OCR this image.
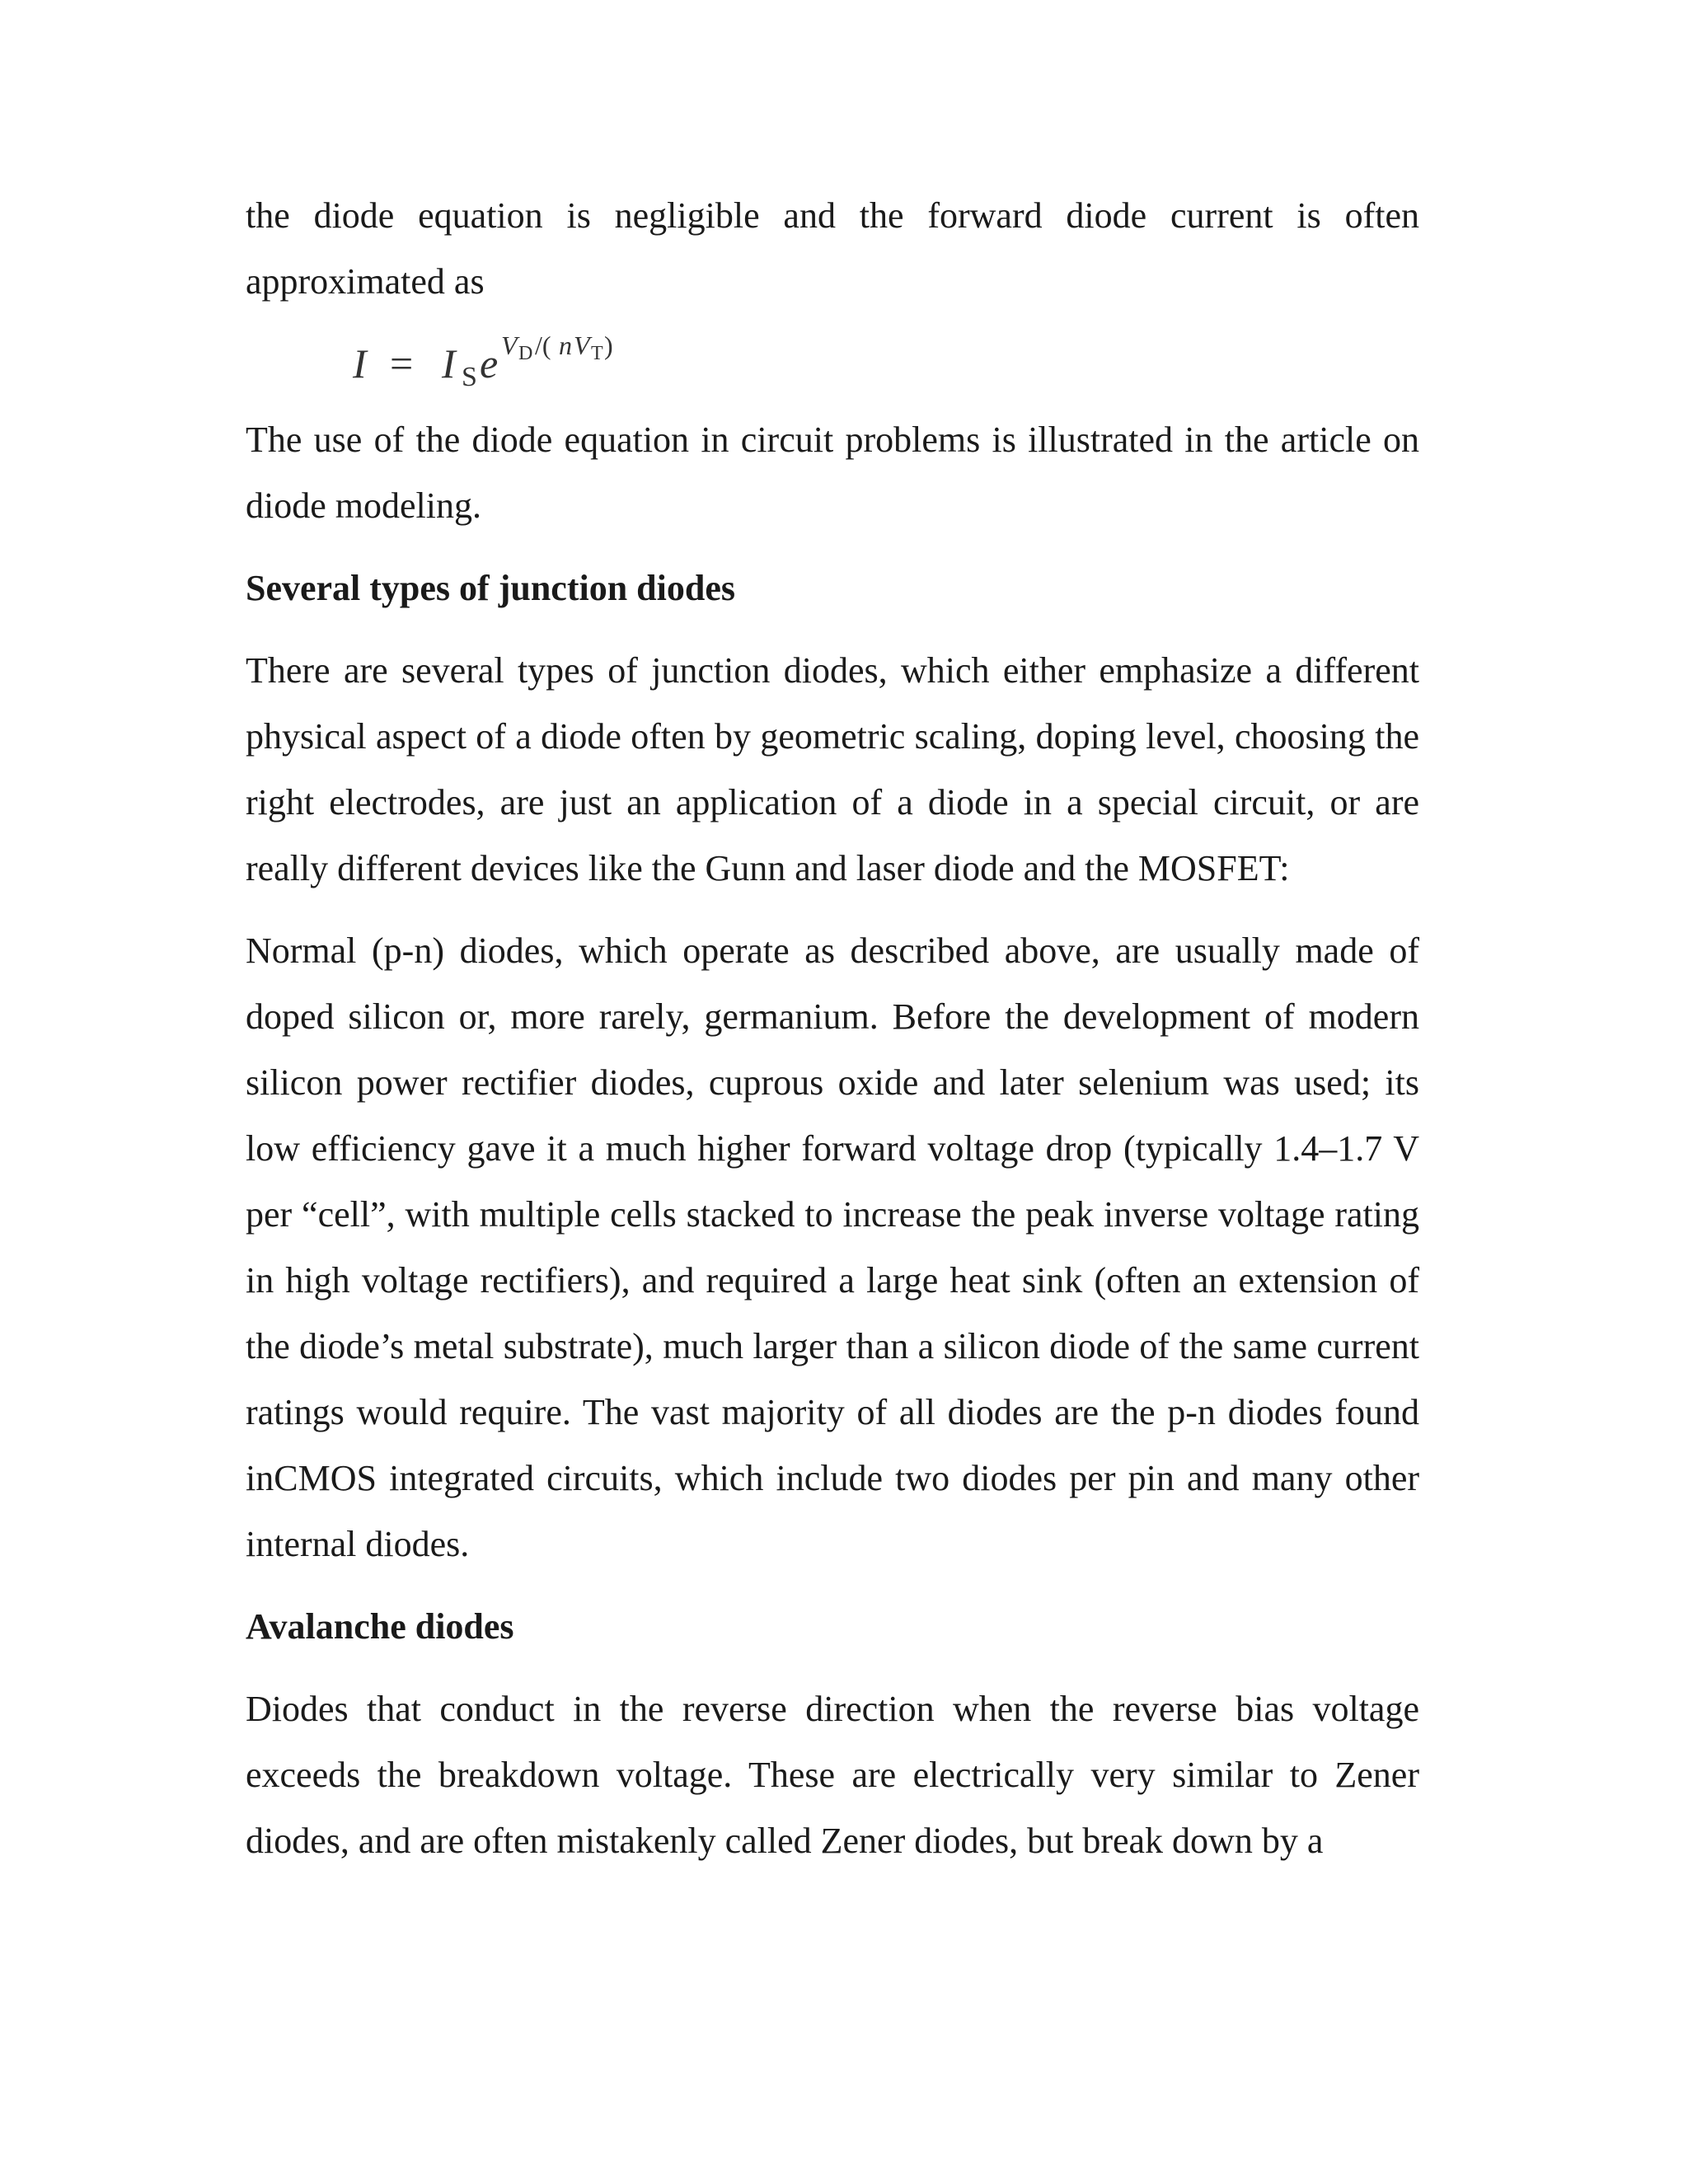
the diode equation is negligible and the forward diode current is often approximated as

I = I S e V D /( n V T )

The use of the diode equation in circuit problems is illustrated in the article on diode modeling.

Several types of junction diodes

There are several types of junction diodes, which either emphasize a different physical aspect of a diode often by geometric scaling, doping level, choosing the right electrodes, are just an application of a diode in a special circuit, or are really different devices like the Gunn and laser diode and the MOSFET:

Normal (p-n) diodes, which operate as described above, are usually made of doped silicon or, more rarely, germanium. Before the development of modern silicon power rectifier diodes, cuprous oxide and later selenium was used; its low efficiency gave it a much higher forward voltage drop (typically 1.4–1.7 V per “cell”, with multiple cells stacked to increase the peak inverse voltage rating in high voltage rectifiers), and required a large heat sink (often an extension of the diode’s metal substrate), much larger than a silicon diode of the same current ratings would require. The vast majority of all diodes are the p-n diodes found inCMOS integrated circuits, which include two diodes per pin and many other internal diodes.

Avalanche diodes

Diodes that conduct in the reverse direction when the reverse bias voltage exceeds the breakdown voltage. These are electrically very similar to Zener diodes, and are often mistakenly called Zener diodes, but break down by a
